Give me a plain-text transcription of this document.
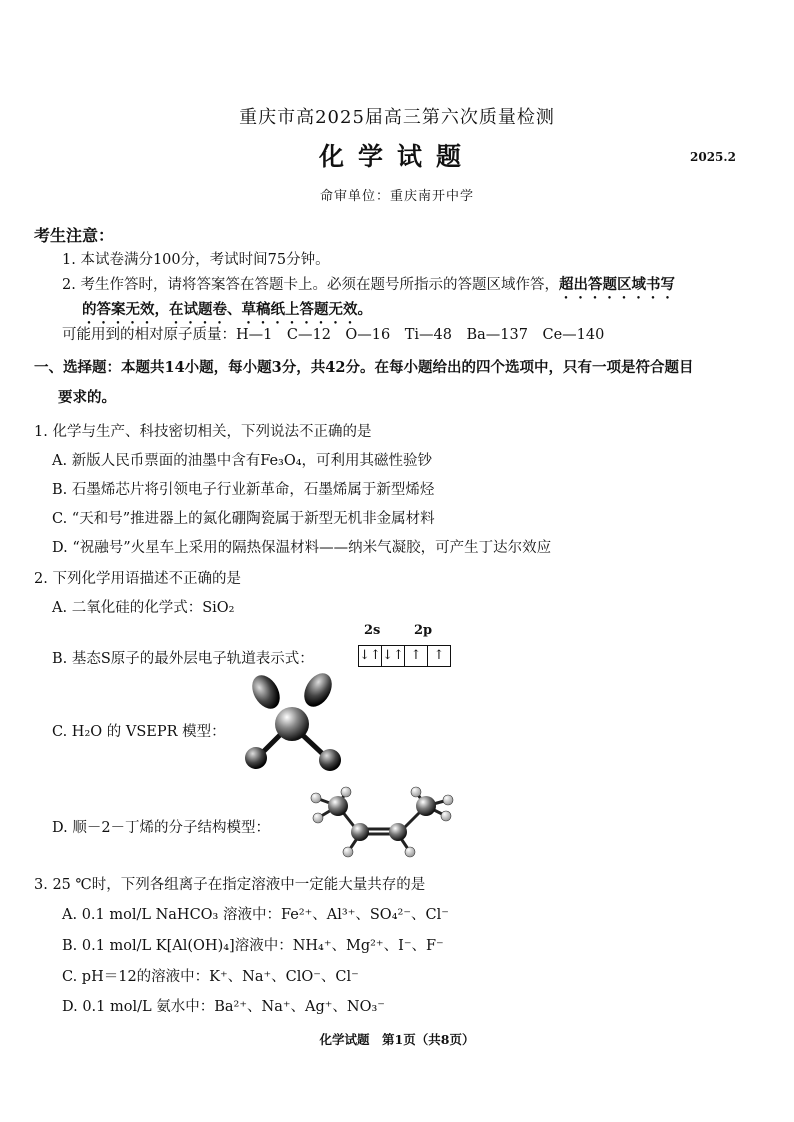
重庆市高2025届高三第六次质量检测
化学试题	2025.2
命审单位：重庆南开中学
考生注意：
1. 本试卷满分100分，考试时间75分钟。
2. 考生作答时，请将答案答在答题卡上。必须在题号所指示的答题区域作答，超出答题区域书写
的答案无效，在试题卷、草稿纸上答题无效。
可能用到的相对原子质量：H—1　C—12　O—16　Ti—48　Ba—137　Ce—140
一、选择题：本题共14小题，每小题3分，共42分。在每小题给出的四个选项中，只有一项是符合题目
要求的。
1. 化学与生产、科技密切相关，下列说法不正确的是
A. 新版人民币票面的油墨中含有Fe₃O₄，可利用其磁性验钞
B. 石墨烯芯片将引领电子行业新革命，石墨烯属于新型烯烃
C. “天和号”推进器上的氮化硼陶瓷属于新型无机非金属材料
D. “祝融号”火星车上采用的隔热保温材料——纳米气凝胶，可产生丁达尔效应
2. 下列化学用语描述不正确的是
A. 二氧化硅的化学式：SiO₂
B. 基态S原子的最外层电子轨道表示式：
2s	2p
↓↑ ↓↑ ↑ ↑
C. H₂O 的 VSEPR 模型：
D. 顺－2－丁烯的分子结构模型：
3. 25 ℃时，下列各组离子在指定溶液中一定能大量共存的是
A. 0.1 mol/L NaHCO₃ 溶液中：Fe²⁺、Al³⁺、SO₄²⁻、Cl⁻
B. 0.1 mol/L K[Al(OH)₄]溶液中：NH₄⁺、Mg²⁺、I⁻、F⁻
C. pH＝12的溶液中：K⁺、Na⁺、ClO⁻、Cl⁻
D. 0.1 mol/L 氨水中：Ba²⁺、Na⁺、Ag⁺、NO₃⁻
化学试题　第1页（共8页）
